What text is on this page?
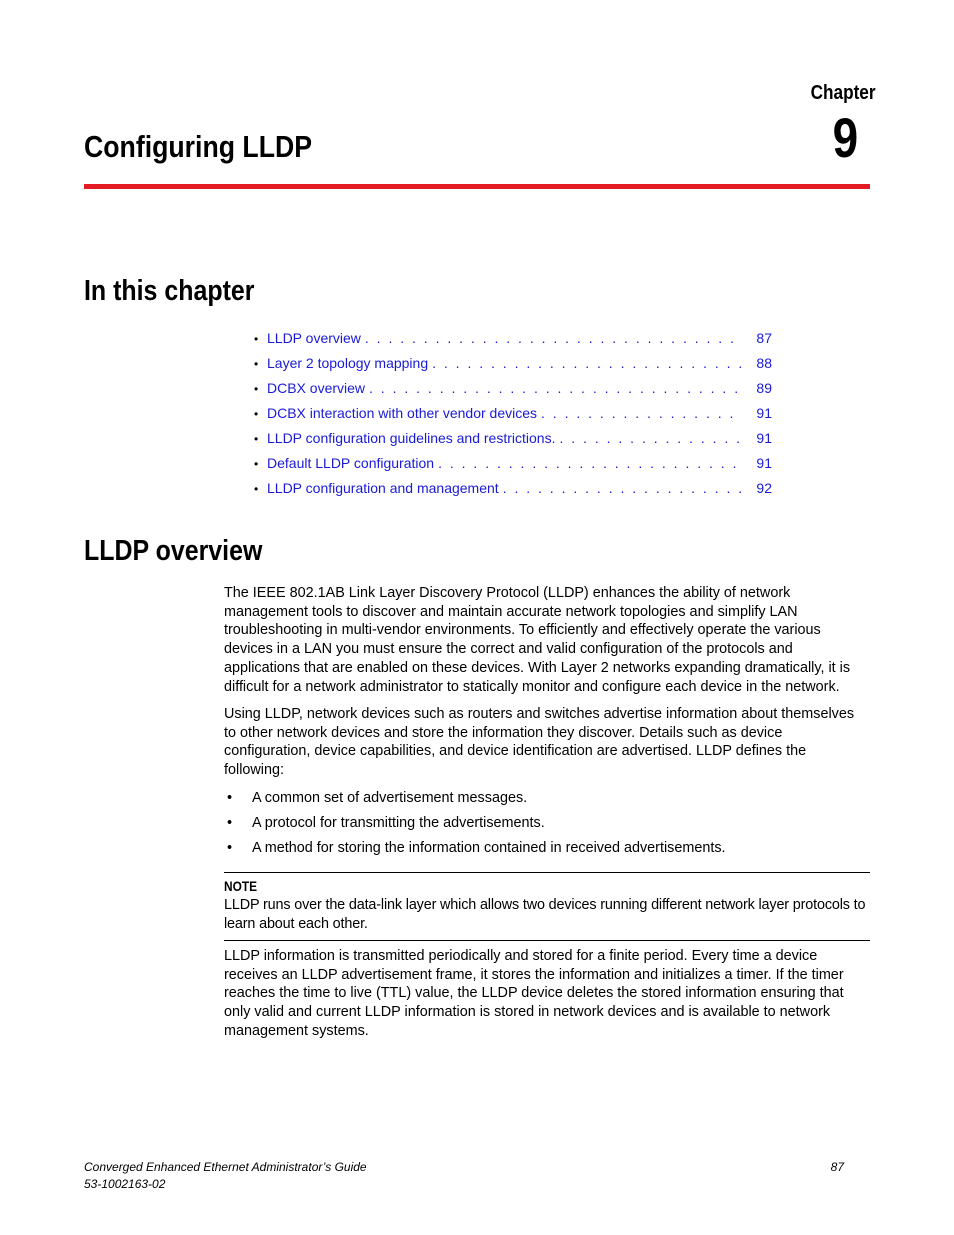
Chapter
9
Configuring LLDP
In this chapter
• LLDP overview . . .	87
• Layer 2 topology mapping . . .	88
• DCBX overview . . .	89
• DCBX interaction with other vendor devices . . .	91
• LLDP configuration guidelines and restrictions. . . .	91
• Default LLDP configuration . . .	91
• LLDP configuration and management . . .	92
LLDP overview

The IEEE 802.1AB Link Layer Discovery Protocol (LLDP) enhances the ability of network management tools to discover and maintain accurate network topologies and simplify LAN troubleshooting in multi-vendor environments. To efficiently and effectively operate the various devices in a LAN you must ensure the correct and valid configuration of the protocols and applications that are enabled on these devices. With Layer 2 networks expanding dramatically, it is difficult for a network administrator to statically monitor and configure each device in the network.

Using LLDP, network devices such as routers and switches advertise information about themselves to other network devices and store the information they discover. Details such as device configuration, device capabilities, and device identification are advertised. LLDP defines the following:

•	A common set of advertisement messages.
•	A protocol for transmitting the advertisements.
•	A method for storing the information contained in received advertisements.
NOTE

LLDP runs over the data-link layer which allows two devices running different network layer protocols to learn about each other.

LLDP information is transmitted periodically and stored for a finite period. Every time a device receives an LLDP advertisement frame, it stores the information and initializes a timer. If the timer reaches the time to live (TTL) value, the LLDP device deletes the stored information ensuring that only valid and current LLDP information is stored in network devices and is available to network management systems.

Converged Enhanced Ethernet Administrator’s Guide	87
53-1002163-02
